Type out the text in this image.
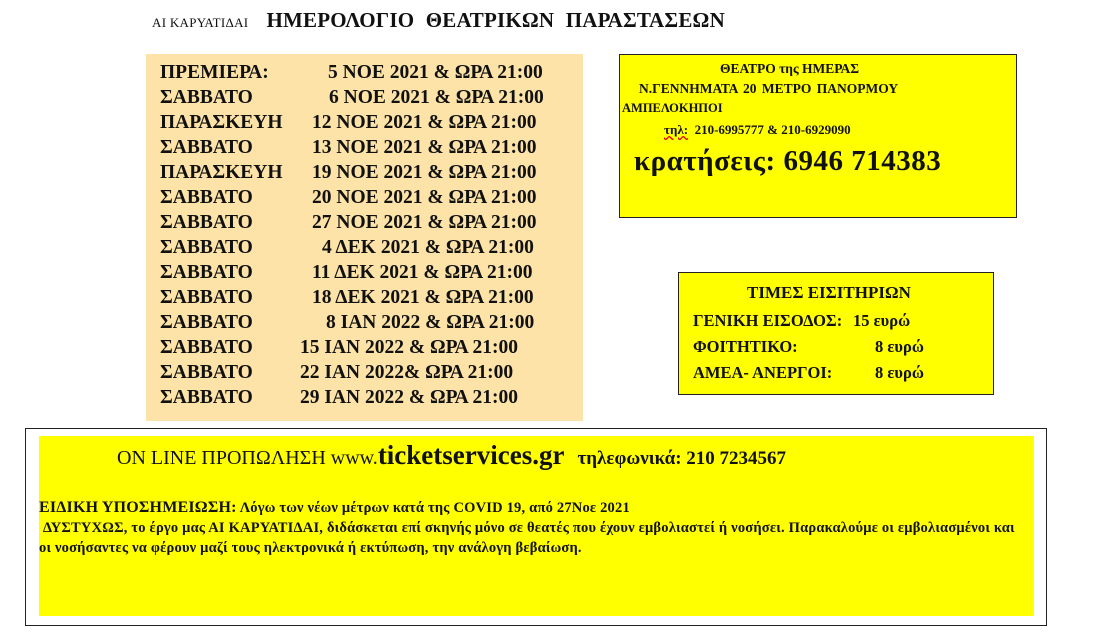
ΑΙ ΚΑΡΥΑΤΙΔΑΙ ΗΜΕΡΟΛΟΓΙΟ ΘΕΑΤΡΙΚΩΝ ΠΑΡΑΣΤΑΣΕΩΝ
ΠΡΕΜΙΕΡΑ:	5 ΝΟΕ 2021 & ΩΡΑ 21:00
ΣΑΒΒΑΤΟ	6 ΝΟΕ 2021 & ΩΡΑ 21:00
ΠΑΡΑΣΚΕΥΗ 12 ΝΟΕ 2021 & ΩΡΑ 21:00
ΣΑΒΒΑΤΟ	13 ΝΟΕ 2021 & ΩΡΑ 21:00
ΠΑΡΑΣΚΕΥΗ 19 ΝΟΕ 2021 & ΩΡΑ 21:00
ΣΑΒΒΑΤΟ	20 ΝΟΕ 2021 & ΩΡΑ 21:00
ΣΑΒΒΑΤΟ	27 ΝΟΕ 2021 & ΩΡΑ 21:00
ΣΑΒΒΑΤΟ	4 ΔΕΚ 2021 & ΩΡΑ 21:00
ΣΑΒΒΑΤΟ	11 ΔΕΚ 2021 & ΩΡΑ 21:00
ΣΑΒΒΑΤΟ	18 ΔΕΚ 2021 & ΩΡΑ 21:00
ΣΑΒΒΑΤΟ	8 ΙΑΝ 2022 & ΩΡΑ 21:00
ΣΑΒΒΑΤΟ 15 ΙΑΝ 2022 & ΩΡΑ 21:00
ΣΑΒΒΑΤΟ 22 ΙΑΝ 2022& ΩΡΑ 21:00
ΣΑΒΒΑΤΟ 29 ΙΑΝ 2022 & ΩΡΑ 21:00
ΘΕΑΤΡΟ της ΗΜΕΡΑΣ
Ν.ΓΕΝΝΗΜΑΤΑ 20 ΜΕΤΡΟ ΠΑΝΟΡΜΟΥ
ΑΜΠΕΛΟΚΗΠΟΙ
τηλ: 210-6995777 & 210-6929090
κρατήσεις: 6946 714383
ΤΙΜΕΣ ΕΙΣΙΤΗΡΙΩΝ
ΓΕΝΙΚΗ ΕΙΣΟΔΟΣ: 15 ευρώ
ΦΟΙΤΗΤΙΚΟ:	8 ευρώ
ΑΜΕΑ- ΑΝΕΡΓΟΙ:	8 ευρώ
ON LINE ΠΡΟΠΩΛΗΣΗ www.ticketservices.gr τηλεφωνικά: 210 7234567
ΕΙΔΙΚΗ ΥΠΟΣΗΜΕΙΩΣΗ: Λόγω των νέων μέτρων κατά της COVID 19, από 27Νοε 2021
ΔΥΣΤΥΧΩΣ, το έργο μας ΑΙ ΚΑΡΥΑΤΙΔΑΙ, διδάσκεται επί σκηνής μόνο σε θεατές που έχουν εμβολιαστεί ή νοσήσει. Παρακαλούμε οι εμβολιασμένοι και οι νοσήσαντες να φέρουν μαζί τους ηλεκτρονικά ή εκτύπωση, την ανάλογη βεβαίωση.
